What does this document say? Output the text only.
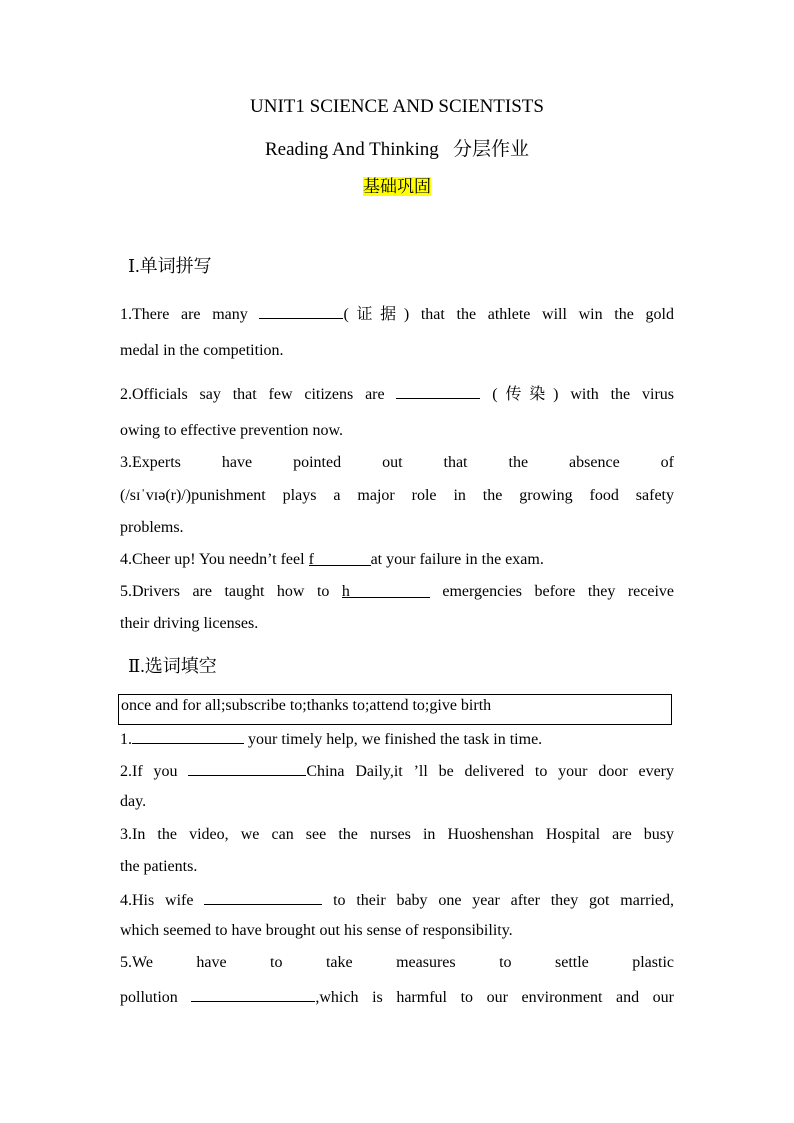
UNIT1 SCIENCE AND SCIENTISTS
Reading And Thinking   分层作业
基础巩固
Ⅰ.单词拼写
1.There are many	(证据) that the athlete will win the gold
medal in the competition.
2.Officials say that few citizens are	(传染) with the virus
owing to effective prevention now.
3.Experts have pointed out that the absence of
(/sɪˈvɪə(r)/)punishment plays a major role in the growing food safety
problems.
4.Cheer up! You needn’t feel f	at your failure in the exam.
5.Drivers are taught how to h	emergencies before they receive
their driving licenses.
Ⅱ.选词填空
once and for all;subscribe to;thanks to;attend to;give birth
1.	your timely help, we finished the task in time.
2.If you	China Daily,it ’ll be delivered to your door every
day.
3.In the video, we can see the nurses in Huoshenshan Hospital are busy
the patients.
4.His wife	to their baby one year after they got married,
which seemed to have brought out his sense of responsibility.
5.We have to take measures to settle plastic
pollution	,which is harmful to our environment and our
